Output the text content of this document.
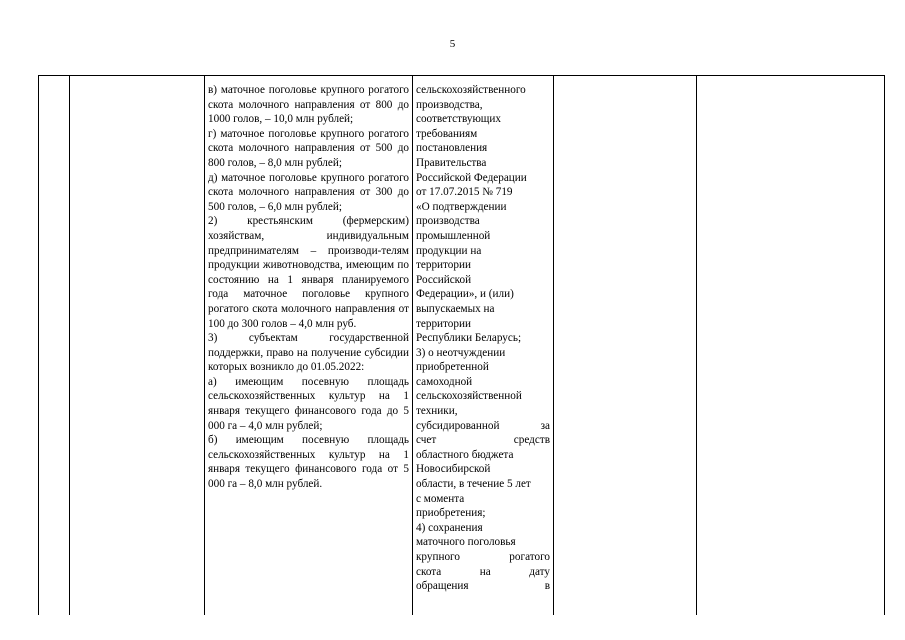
5

в) маточное поголовье крупного рогатого скота молочного направления от 800 до 1000 голов, – 10,0 млн рублей;
г) маточное поголовье крупного рогатого скота молочного направления от 500 до 800 голов, – 8,0 млн рублей;
д) маточное поголовье крупного рогатого скота молочного направления от 300 до 500 голов, – 6,0 млн рублей;
2) крестьянским (фермерским) хозяйствам, индивидуальным предпринимателям – производи-телям продукции животноводства, имеющим по состоянию на 1 января планируемого года маточное поголовье крупного рогатого скота молочного направления от 100 до 300 голов – 4,0 млн руб.
3) субъектам государственной поддержки, право на получение субсидии которых возникло до 01.05.2022:
а) имеющим посевную площадь сельскохозяйственных культур на 1 января текущего финансового года до 5 000 га – 4,0 млн рублей;
б) имеющим посевную площадь сельскохозяйственных культур на 1 января текущего финансового года от 5 000 га – 8,0 млн рублей.

сельскохозяйственного
производства,
соответствующих
требованиям
постановления
Правительства
Российской Федерации
от 17.07.2015 № 719
«О подтверждении
производства
промышленной
продукции на
территории
Российской
Федерации», и (или)
выпускаемых на
территории
Республики Беларусь;
3) о неотчуждении
приобретенной
самоходной
сельскохозяйственной
техники,
субсидированной за
счет средств
областного бюджета
Новосибирской
области, в течение 5 лет
с момента
приобретения;
4) сохранения
маточного поголовья
крупного рогатого
скота на дату
обращения в
